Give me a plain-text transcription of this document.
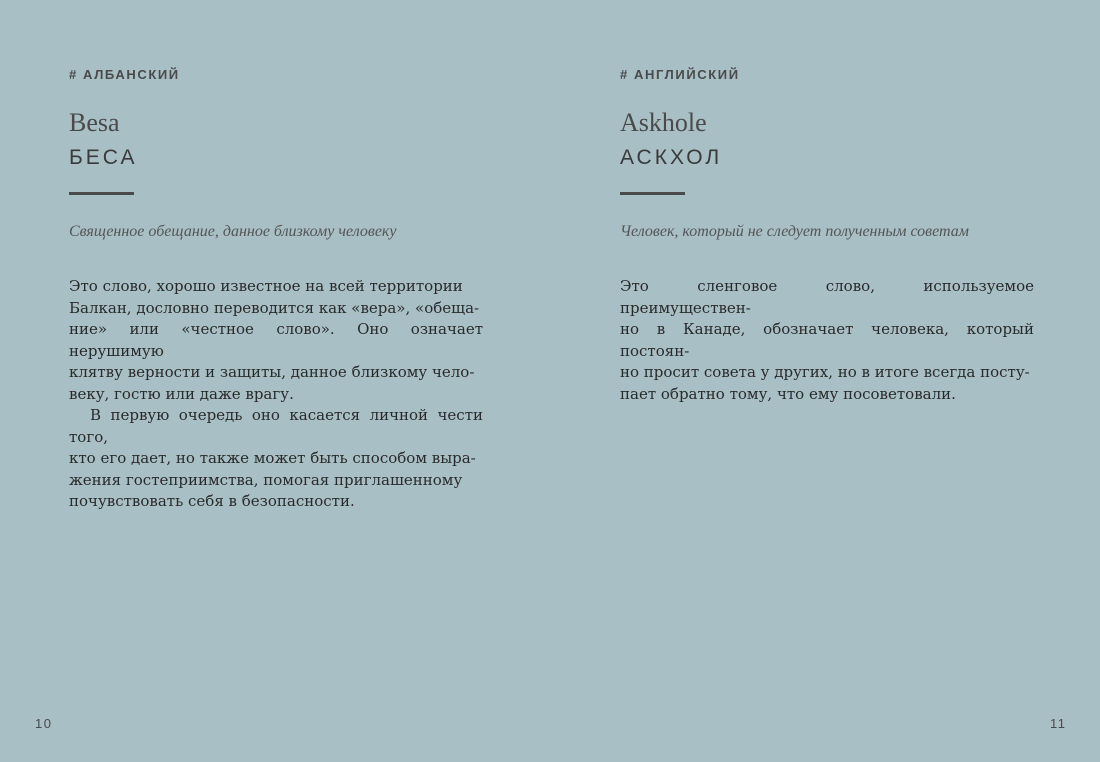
# АЛБАНСКИЙ
Besa
БЕСА
Священное обещание, данное близкому человеку

Это слово, хорошо известное на всей территории
Балкан, дословно переводится как «вера», «обеща-
ние» или «честное слово». Оно означает нерушимую
клятву верности и защиты, данное близкому чело-
веку, гостю или даже врагу.

В первую очередь оно касается личной чести того,
кто его дает, но также может быть способом выра-
жения гостеприимства, помогая приглашенному
почувствовать себя в безопасности.

10
# АНГЛИЙСКИЙ
Askhole
АСКХОЛ
Человек, который не следует полученным советам

Это сленговое слово, используемое преимуществен-
но в Канаде, обозначает человека, который постоян-
но просит совета у других, но в итоге всегда посту-
пает обратно тому, что ему посоветовали.

11
